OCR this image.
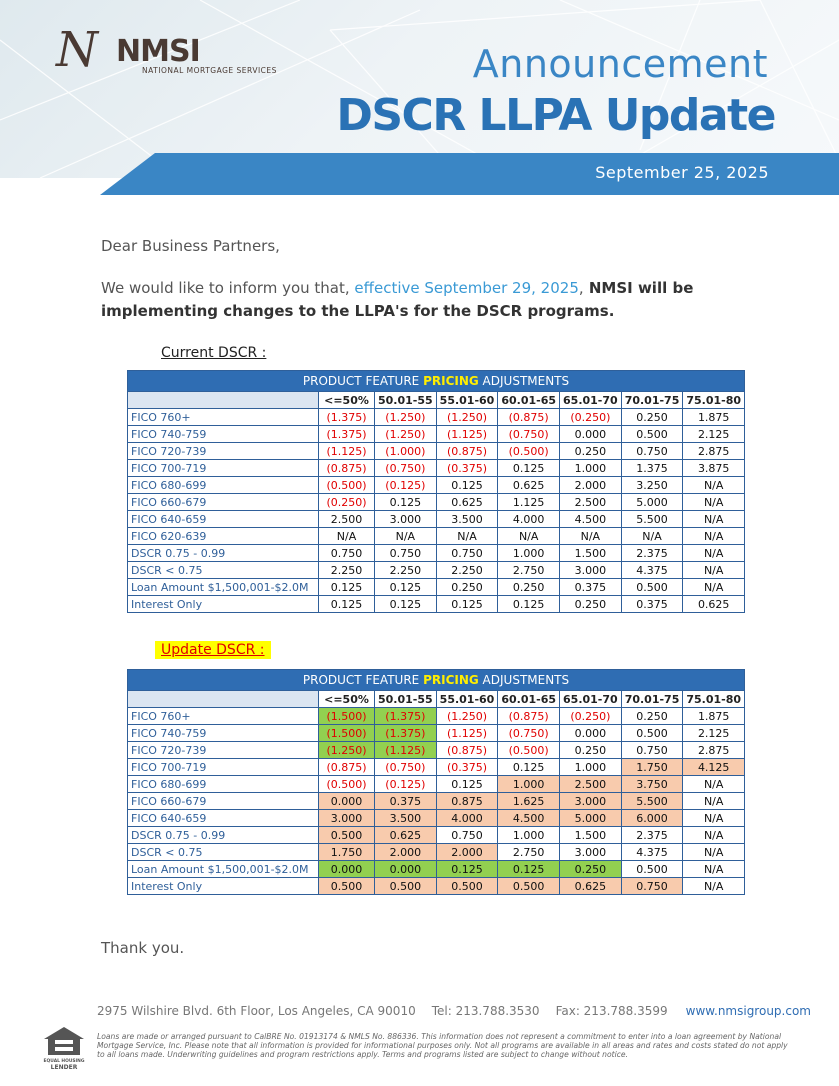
N NMSI
NATIONAL MORTGAGE SERVICES	Announcement
DSCR LLPA Update
September 25, 2025
Dear Business Partners,
We would like to inform you that, effective September 29, 2025, NMSI will be implementing changes to the LLPA's for the DSCR programs.
Current DSCR :
PRODUCT FEATURE PRICING ADJUSTMENTS							
	<=50%	50.01-55	55.01-60	60.01-65	65.01-70	70.01-75	75.01-80
FICO 760+	(1.375)	(1.250)	(1.250)	(0.875)	(0.250)	0.250	1.875
FICO 740-759	(1.375)	(1.250)	(1.125)	(0.750)	0.000	0.500	2.125
FICO 720-739	(1.125)	(1.000)	(0.875)	(0.500)	0.250	0.750	2.875
FICO 700-719	(0.875)	(0.750)	(0.375)	0.125	1.000	1.375	3.875
FICO 680-699	(0.500)	(0.125)	0.125	0.625	2.000	3.250	N/A
FICO 660-679	(0.250)	0.125	0.625	1.125	2.500	5.000	N/A
FICO 640-659	2.500	3.000	3.500	4.000	4.500	5.500	N/A
FICO 620-639	N/A	N/A	N/A	N/A	N/A	N/A	N/A
DSCR 0.75 - 0.99	0.750	0.750	0.750	1.000	1.500	2.375	N/A
DSCR < 0.75	2.250	2.250	2.250	2.750	3.000	4.375	N/A
Loan Amount $1,500,001-$2.0M	0.125	0.125	0.250	0.250	0.375	0.500	N/A
Interest Only	0.125	0.125	0.125	0.125	0.250	0.375	0.625
Update DSCR :
PRODUCT FEATURE PRICING ADJUSTMENTS							
	<=50%	50.01-55	55.01-60	60.01-65	65.01-70	70.01-75	75.01-80
FICO 760+	(1.500)	(1.375)	(1.250)	(0.875)	(0.250)	0.250	1.875
FICO 740-759	(1.500)	(1.375)	(1.125)	(0.750)	0.000	0.500	2.125
FICO 720-739	(1.250)	(1.125)	(0.875)	(0.500)	0.250	0.750	2.875
FICO 700-719	(0.875)	(0.750)	(0.375)	0.125	1.000	1.750	4.125
FICO 680-699	(0.500)	(0.125)	0.125	1.000	2.500	3.750	N/A
FICO 660-679	0.000	0.375	0.875	1.625	3.000	5.500	N/A
FICO 640-659	3.000	3.500	4.000	4.500	5.000	6.000	N/A
DSCR 0.75 - 0.99	0.500	0.625	0.750	1.000	1.500	2.375	N/A
DSCR < 0.75	1.750	2.000	2.000	2.750	3.000	4.375	N/A
Loan Amount $1,500,001-$2.0M	0.000	0.000	0.125	0.125	0.250	0.500	N/A
Interest Only	0.500	0.500	0.500	0.500	0.625	0.750	N/A
Thank you.
2975 Wilshire Blvd. 6th Floor, Los Angeles, CA 90010 Tel: 213.788.3530 Fax: 213.788.3599 www.nmsigroup.com
EQUAL HOUSING
LENDER
Loans are made or arranged pursuant to CalBRE No. 01913174 & NMLS No. 886336. This information does not represent a commitment to enter into a loan agreement by National Mortgage Service, Inc. Please note that all information is provided for informational purposes only. Not all programs are available in all areas and rates and costs stated do not apply to all loans made. Underwriting guidelines and program restrictions apply. Terms and programs listed are subject to change without notice.
